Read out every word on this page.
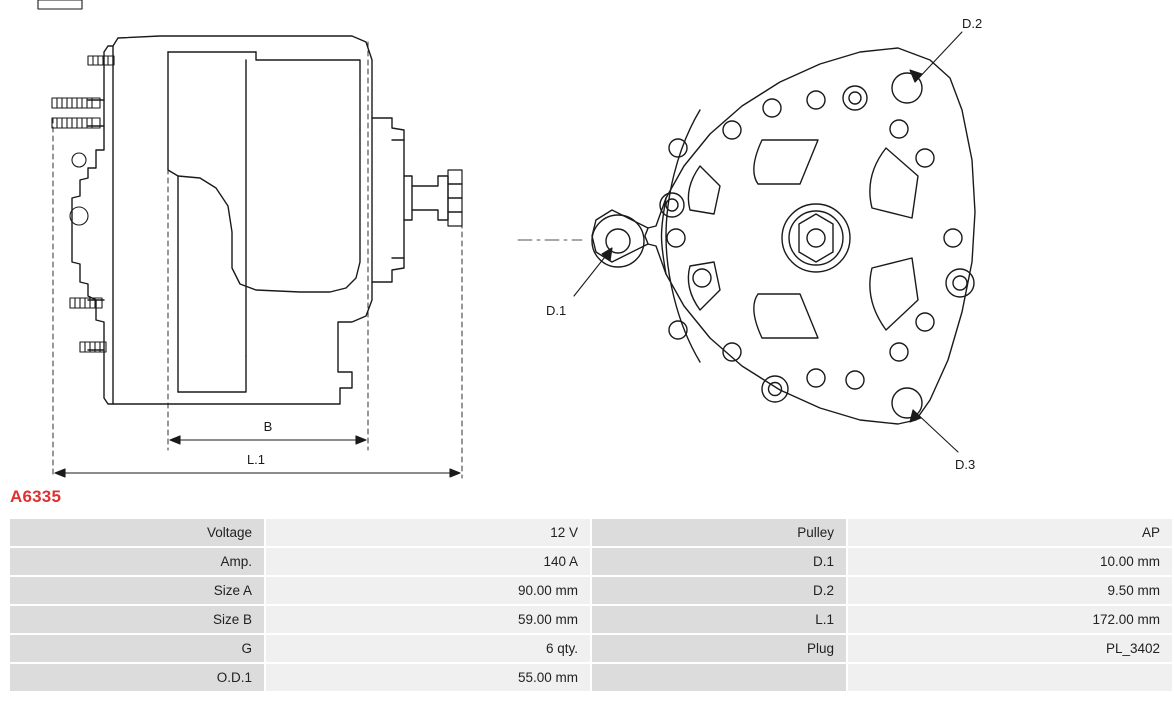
B
L.1
D.2
D.1
D.3
A6335
Voltage	12 V	Pulley	AP
Amp.	140 A	D.1	10.00 mm
Size A	90.00 mm	D.2	9.50 mm
Size B	59.00 mm	L.1	172.00 mm
G	6 qty.	Plug	PL_3402
O.D.1	55.00 mm		
